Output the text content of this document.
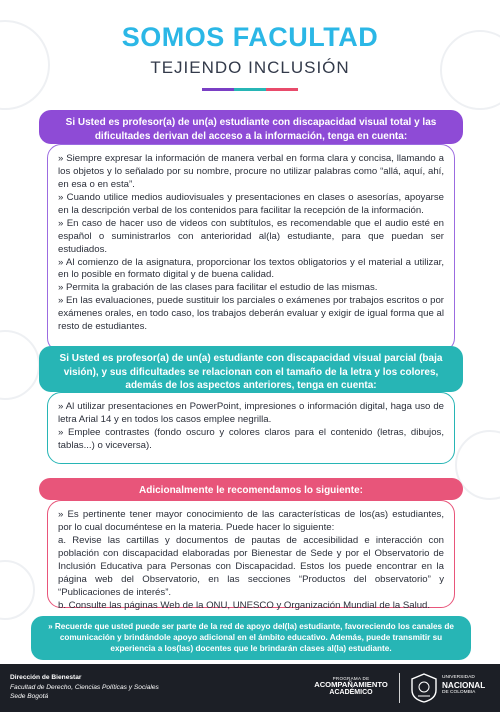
SOMOS FACULTAD
TEJIENDO INCLUSIÓN

» Siempre expresar la información de manera verbal en forma clara y concisa, llamando a los objetos y lo señalado por su nombre, procure no utilizar palabras como “allá, aquí, ahí, en esa o en esta”.

» Cuando utilice medios audiovisuales y presentaciones en clases o asesorías, apoyarse en la descripción verbal de los contenidos para facilitar la recepción de la información.

» En caso de hacer uso de videos con subtítulos, es recomendable que el audio esté en español o suministrarlos con anterioridad al(la) estudiante, para que puedan ser estudiados.

» Al comienzo de la asignatura, proporcionar los textos obligatorios y el material a utilizar, en lo posible en formato digital y de buena calidad.

» Permita la grabación de las clases para facilitar el estudio de las mismas.

» En las evaluaciones, puede sustituir los parciales o exámenes por trabajos escritos o por exámenes orales, en todo caso, los trabajos deberán evaluar y exigir de igual forma que al resto de estudiantes.

Si Usted es profesor(a) de un(a) estudiante con discapacidad visual total y las dificultades derivan del acceso a la información, tenga en cuenta:

» Al utilizar presentaciones en PowerPoint, impresiones o información digital, haga uso de letra Arial 14 y en todos los casos emplee negrilla.

» Emplee contrastes (fondo oscuro y colores claros para el contenido (letras, dibujos, tablas...) o viceversa).

Si Usted es profesor(a) de un(a) estudiante con discapacidad visual parcial (baja visión), y sus dificultades se relacionan con el tamaño de la letra y los colores, además de los aspectos anteriores, tenga en cuenta:

» Es pertinente tener mayor conocimiento de las características de los(as) estudiantes, por lo cual documéntese en la materia. Puede hacer lo siguiente:

a. Revise las cartillas y documentos de pautas de accesibilidad e interacción con población con discapacidad elaboradas por Bienestar de Sede y por el Observatorio de Inclusión Educativa para Personas con Discapacidad. Estos los puede encontrar en la página web del Observatorio, en las secciones “Productos del observatorio” y “Publicaciones de interés”.

b. Consulte las páginas Web de la ONU, UNESCO y Organización Mundial de la Salud.

Adicionalmente le recomendamos lo siguiente:
» Recuerde que usted puede ser parte de la red de apoyo del(la) estudiante, favoreciendo los canales de comunicación y brindándole apoyo adicional en el ámbito educativo. Además, puede transmitir su experiencia a los(las) docentes que le brindarán clases al(la) estudiante.
Dirección de Bienestar
Facultad de Derecho, Ciencias Políticas y Sociales
Sede Bogotá
PROGRAMA DE
ACOMPAÑAMIENTO
ACADÉMICO
UNIVERSIDAD
NACIONAL
DE COLOMBIA
